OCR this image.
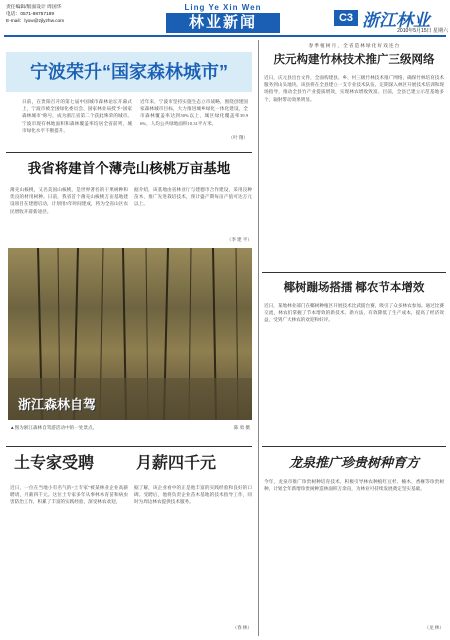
责任编辑/版面设计 周国华
电话：0571-88757189
E-mail：lyxw@zjlyzhw.com
Ling Ye Xin Wen
林业新闻	C3 浙江林业
2010年5月15日 星期六
宁波荣升“国家森林城市”
日前，在贵阳召开的第七届中国城市森林论坛开幕式上，宁波市被全国绿化委员会、国家林业局授予“国家森林城市”称号，成为浙江省第二个获此殊荣的城市。宁波市现有林地面积和森林覆盖率均居全省前列，城市绿化水平不断提升。
近年来，宁波市坚持实施生态立市战略，围绕创建国家森林城市目标，大力推进城乡绿化一体化建设，全市森林覆盖率达到50%以上，城区绿化覆盖率39.96%，人均公共绿地面积10.31平方米。
（叶 翔）
我省将建首个薄壳山核桃万亩基地
薄壳山核桃，又名美国山核桃，是世界著名的干果树种和优良的材用树种。日前，我省首个薄壳山核桃万亩基地建设项目在建德启动，计划用5年时间建成，将为全省山区农民增收开辟新途径。
据介绍，该基地由省林业厅与建德市合作建设，采用良种苗木，推广先进栽培技术，预计盛产期每亩产值可达万元以上。
（李 建 平）
浙江森林自驾
▲图为浙江森林自驾游活动中的一处景点。	陈 勇 摄
土专家受聘	月薪四千元
近日，一位在当地小有名气的“土专家”被某林业企业高薪聘请，月薪四千元。这位土专家多年从事林木育苗和病虫害防治工作，积累了丰富的实践经验，深受林农欢迎。
据了解，该企业看中的正是他丰富的实践经验和良好的口碑。受聘后，他将负责企业苗木基地的技术指导工作，同时为周边林农提供技术服务。
（春 林）
春 季 植 树 月 ， 全 省 造 林 绿 化 好 戏 连 台
庆元构建竹林技术推广三级网络
近日，庆元县出台文件，全面构建县、乡、村三级竹林技术推广网络，确保竹林培育技术服务到山头地块。该县将在全县建立一支专业技术队伍，定期深入林区开展技术培训和现场指导，推动全县竹产业提质增效，实现林农增收致富。目前，全县已建立示范基地多个，辐射带动效果明显。
椰树蹦场搭擂 椰农节本增效
近日，某地林业部门在椰树种植区开展技术比武擂台赛，吸引了众多林农参加。通过比赛交流，林农们掌握了节本增效的新技术、新方法，有效降低了生产成本，提高了经济效益，受到广大林农的欢迎和好评。
龙泉推广珍贵树种育方
今年，龙泉市推广珍贵树种培育技术，积极引导林农种植红豆杉、楠木、香榧等珍贵树种，计划全年新增珍贵树种造林面积万余亩，为林业可持续发展奠定坚实基础。
（龙 林）
